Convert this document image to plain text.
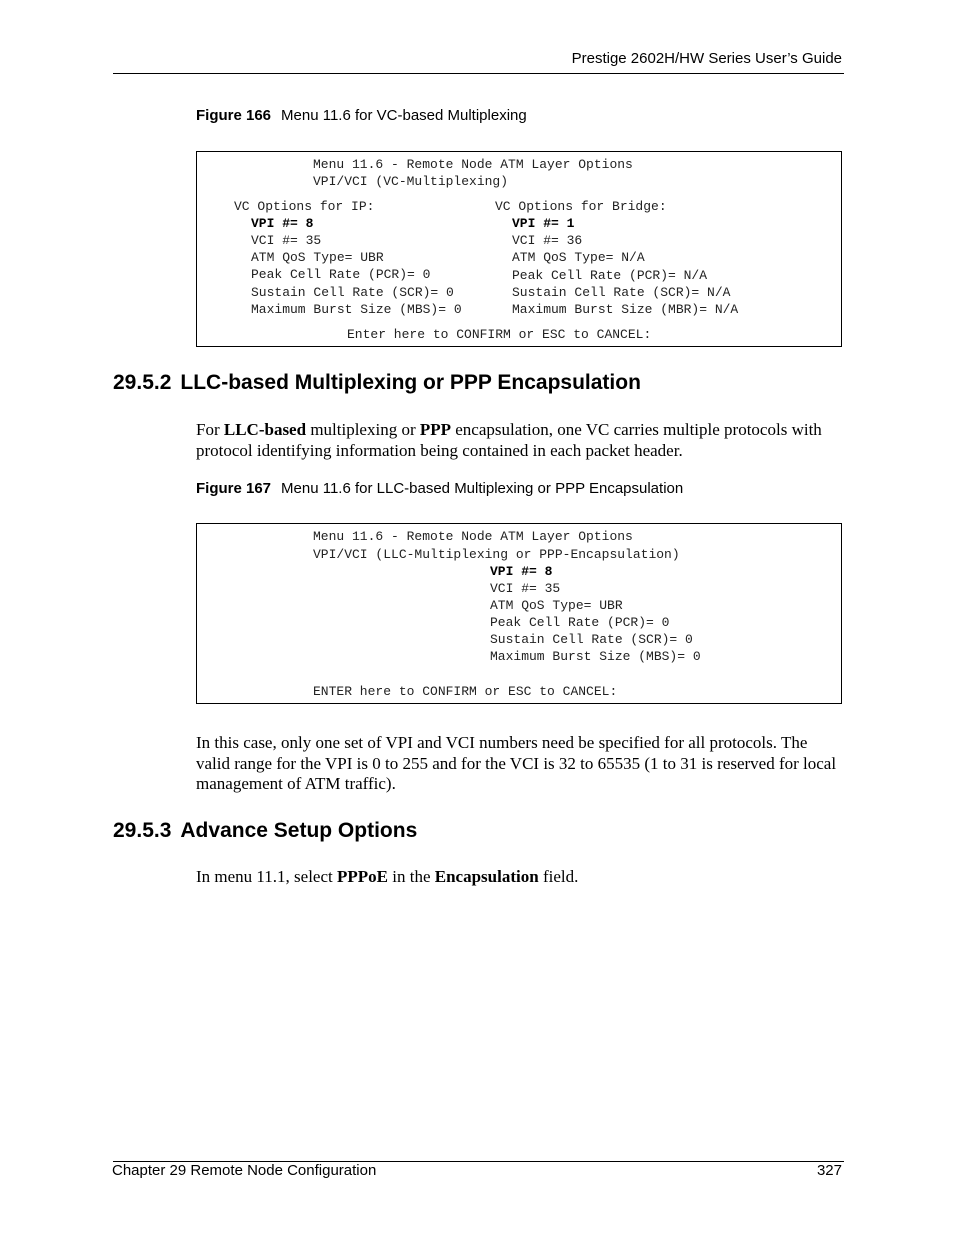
Prestige 2602H/HW Series User’s Guide
Figure 166 Menu 11.6 for VC-based Multiplexing
Menu 11.6 - Remote Node ATM Layer Options
VPI/VCI (VC-Multiplexing)
VC Options for IP:
VPI #= 8
VCI #= 35
ATM QoS Type= UBR
Peak Cell Rate (PCR)= 0
Sustain Cell Rate (SCR)= 0
Maximum Burst Size (MBS)= 0
VC Options for Bridge:
VPI #= 1
VCI #= 36
ATM QoS Type= N/A
Peak Cell Rate (PCR)= N/A
Sustain Cell Rate (SCR)= N/A
Maximum Burst Size (MBR)= N/A
Enter here to CONFIRM or ESC to CANCEL:
29.5.2 LLC-based Multiplexing or PPP Encapsulation
For LLC-based multiplexing or PPP encapsulation, one VC carries multiple protocols with protocol identifying information being contained in each packet header.
Figure 167 Menu 11.6 for LLC-based Multiplexing or PPP Encapsulation
Menu 11.6 - Remote Node ATM Layer Options
VPI/VCI (LLC-Multiplexing or PPP-Encapsulation)
VPI #= 8
VCI #= 35
ATM QoS Type= UBR
Peak Cell Rate (PCR)= 0
Sustain Cell Rate (SCR)= 0
Maximum Burst Size (MBS)= 0
ENTER here to CONFIRM or ESC to CANCEL:
In this case, only one set of VPI and VCI numbers need be specified for all protocols. The valid range for the VPI is 0 to 255 and for the VCI is 32 to 65535 (1 to 31 is reserved for local management of ATM traffic).
29.5.3 Advance Setup Options
In menu 11.1, select PPPoE in the Encapsulation field.
Chapter 29 Remote Node Configuration	327
